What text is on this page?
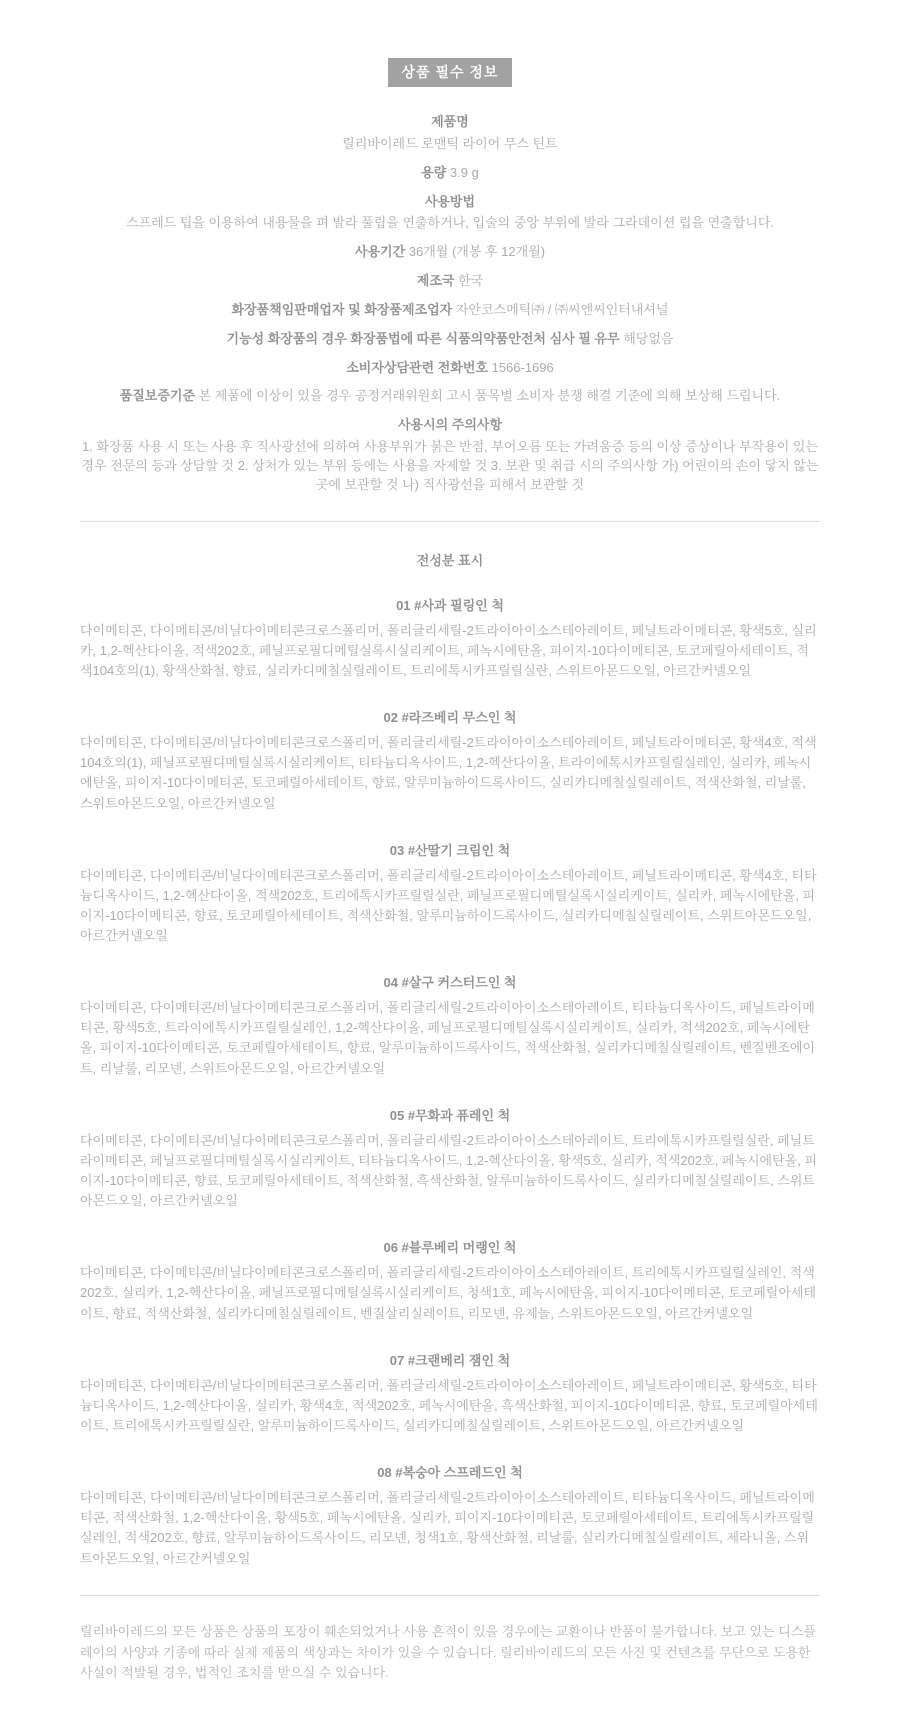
상품 필수 정보

제품명
릴리바이레드 로맨틱 라이어 무스 틴트

용량 3.9 g

사용방법
스프레드 팁을 이용하여 내용물을 펴 발라 풀립을 연출하거나, 입술의 중앙 부위에 발라 그라데이션 립을 연출합니다.

사용기간 36개월 (개봉 후 12개월)

제조국 한국

화장품책임판매업자 및 화장품제조업자 자안코스메틱㈜ / ㈜씨엔씨인터내셔널

기능성 화장품의 경우 화장품법에 따른 식품의약품안전처 심사 필 유무 해당없음

소비자상담관련 전화번호 1566-1696

품질보증기준 본 제품에 이상이 있을 경우 공정거래위원회 고시 품목별 소비자 분쟁 해결 기준에 의해 보상해 드립니다.

사용시의 주의사항
1. 화장품 사용 시 또는 사용 후 직사광선에 의하여 사용부위가 붉은 반점, 부어오름 또는 가려움증 등의 이상 증상이나 부작용이 있는 경우 전문의 등과 상담할 것 2. 상처가 있는 부위 등에는 사용을 자제할 것 3. 보관 및 취급 시의 주의사항 가) 어린이의 손이 닿지 않는 곳에 보관할 것 나) 직사광선을 피해서 보관할 것

전성분 표시
01 #사과 필링인 척

다이메티콘, 다이메티콘/비닐다이메티콘크로스폴리머, 폴리글리세릴-2트라이아이소스테아레이트, 페닐트라이메티콘, 황색5호, 실리카, 1,2-헥산다이올, 적색202호, 페닐프로필디메틸실록시실리케이트, 페녹시에탄올, 피이지-10다이메티콘, 토코페릴아세테이트, 적색104호의(1), 황색산화철, 향료, 실리카디메칠실릴레이트, 트리에톡시카프릴릴실란, 스위트아몬드오일, 아르간커넬오일

02 #라즈베리 무스인 척

다이메티콘, 다이메티콘/비닐다이메티콘크로스폴리머, 폴리글리세릴-2트라이아이소스테아레이트, 페닐트라이메티콘, 황색4호, 적색104호의(1), 페닐프로필디메틸실록시실리케이트, 티타늄디옥사이드, 1,2-헥산다이올, 트라이에톡시카프릴릴실레인, 실리카, 페녹시에탄올, 피이지-10다이메티콘, 토코페릴아세테이트, 향료, 알루미늄하이드록사이드, 실리카디메칠실릴레이트, 적색산화철, 리날룰, 스위트아몬드오일, 아르간커넬오일

03 #산딸기 크림인 척

다이메티콘, 다이메티콘/비닐다이메티콘크로스폴리머, 폴리글리세릴-2트라이아이소스테아레이트, 페닐트라이메티콘, 황색4호, 티타늄디옥사이드, 1,2-헥산다이올, 적색202호, 트리에톡시카프릴릴실란, 페닐프로필디메틸실록시실리케이트, 실리카, 페녹시에탄올, 피이지-10다이메티콘, 향료, 토코페릴아세테이트, 적색산화철, 알루미늄하이드록사이드, 실리카디메칠실릴레이트, 스위트아몬드오일, 아르간커넬오일

04 #살구 커스터드인 척

다이메티콘, 다이메티콘/비닐다이메티콘크로스폴리머, 폴리글리세릴-2트라이아이소스테아레이트, 티타늄디옥사이드, 페닐트라이메티콘, 황색5호, 트라이에톡시카프릴릴실레인, 1,2-헥산다이올, 페닐프로필디메틸실록시실리케이트, 실리카, 적색202호, 페녹시에탄올, 피이지-10다이메티콘, 토코페릴아세테이트, 향료, 알루미늄하이드록사이드, 적색산화철, 실리카디메칠실릴레이트, 벤질벤조에이트, 리날룰, 리모넨, 스위트아몬드오일, 아르간커넬오일

05 #무화과 퓨레인 척

다이메티콘, 다이메티콘/비닐다이메티콘크로스폴리머, 폴리글리세릴-2트라이아이소스테아레이트, 트리에톡시카프릴릴실란, 페닐트라이메티콘, 페닐프로필디메틸실록시실리케이트, 티타늄디옥사이드, 1,2-헥산다이올, 황색5호, 실리카, 적색202호, 페녹시에탄올, 피이지-10다이메티콘, 향료, 토코페릴아세테이트, 적색산화철, 흑색산화철, 알루미늄하이드록사이드, 실리카디메칠실릴레이트, 스위트아몬드오일, 아르간커넬오일

06 #블루베리 머랭인 척

다이메티콘, 다이메티콘/비닐다이메티콘크로스폴리머, 폴리글리세릴-2트라이아이소스테아레이트, 트리에톡시카프릴릴실레인, 적색202호, 실리카, 1,2-헥산다이올, 페닐프로필디메틸실록시실리케이트, 청색1호, 페녹시에탄올, 피이지-10다이메티콘, 토코페릴아세테이트, 향료, 적색산화철, 실리카디메칠실릴레이트, 벤질살리실레이트, 리모넨, 유제놀, 스위트아몬드오일, 아르간커넬오일

07 #크랜베리 잼인 척

다이메티콘, 다이메티콘/비닐다이메티콘크로스폴리머, 폴리글리세릴-2트라이아이소스테아레이트, 페닐트라이메티콘, 황색5호, 티타늄디옥사이드, 1,2-헥산다이올, 실리카, 황색4호, 적색202호, 페녹시에탄올, 흑색산화철, 피이지-10다이메티콘, 향료, 토코페릴아세테이트, 트리에톡시카프릴릴실란, 알루미늄하이드록사이드, 실리카디메칠실릴레이트, 스위트아몬드오일, 아르간커넬오일

08 #복숭아 스프레드인 척

다이메티콘, 다이메티콘/비닐다이메티콘크로스폴리머, 폴리글리세릴-2트라이아이소스테아레이트, 티타늄디옥사이드, 페닐트라이메티콘, 적색산화철, 1,2-헥산다이올, 황색5호, 페녹시에탄올, 실리카, 피이지-10다이메티콘, 토코페릴아세테이트, 트리에톡시카프릴릴실레인, 적색202호, 향료, 알루미늄하이드록사이드, 리모넨, 청색1호, 황색산화철, 리날룰, 실리카디메칠실릴레이트, 제라니올, 스위트아몬드오일, 아르간커넬오일

릴리바이레드의 모든 상품은 상품의 포장이 훼손되었거나 사용 흔적이 있을 경우에는 교환이나 반품이 불가합니다. 보고 있는 디스플레이의 사양과 기종에 따라 실제 제품의 색상과는 차이가 있을 수 있습니다. 릴리바이레드의 모든 사진 및 컨텐츠를 무단으로 도용한 사실이 적발될 경우, 법적인 조치를 받으실 수 있습니다.
